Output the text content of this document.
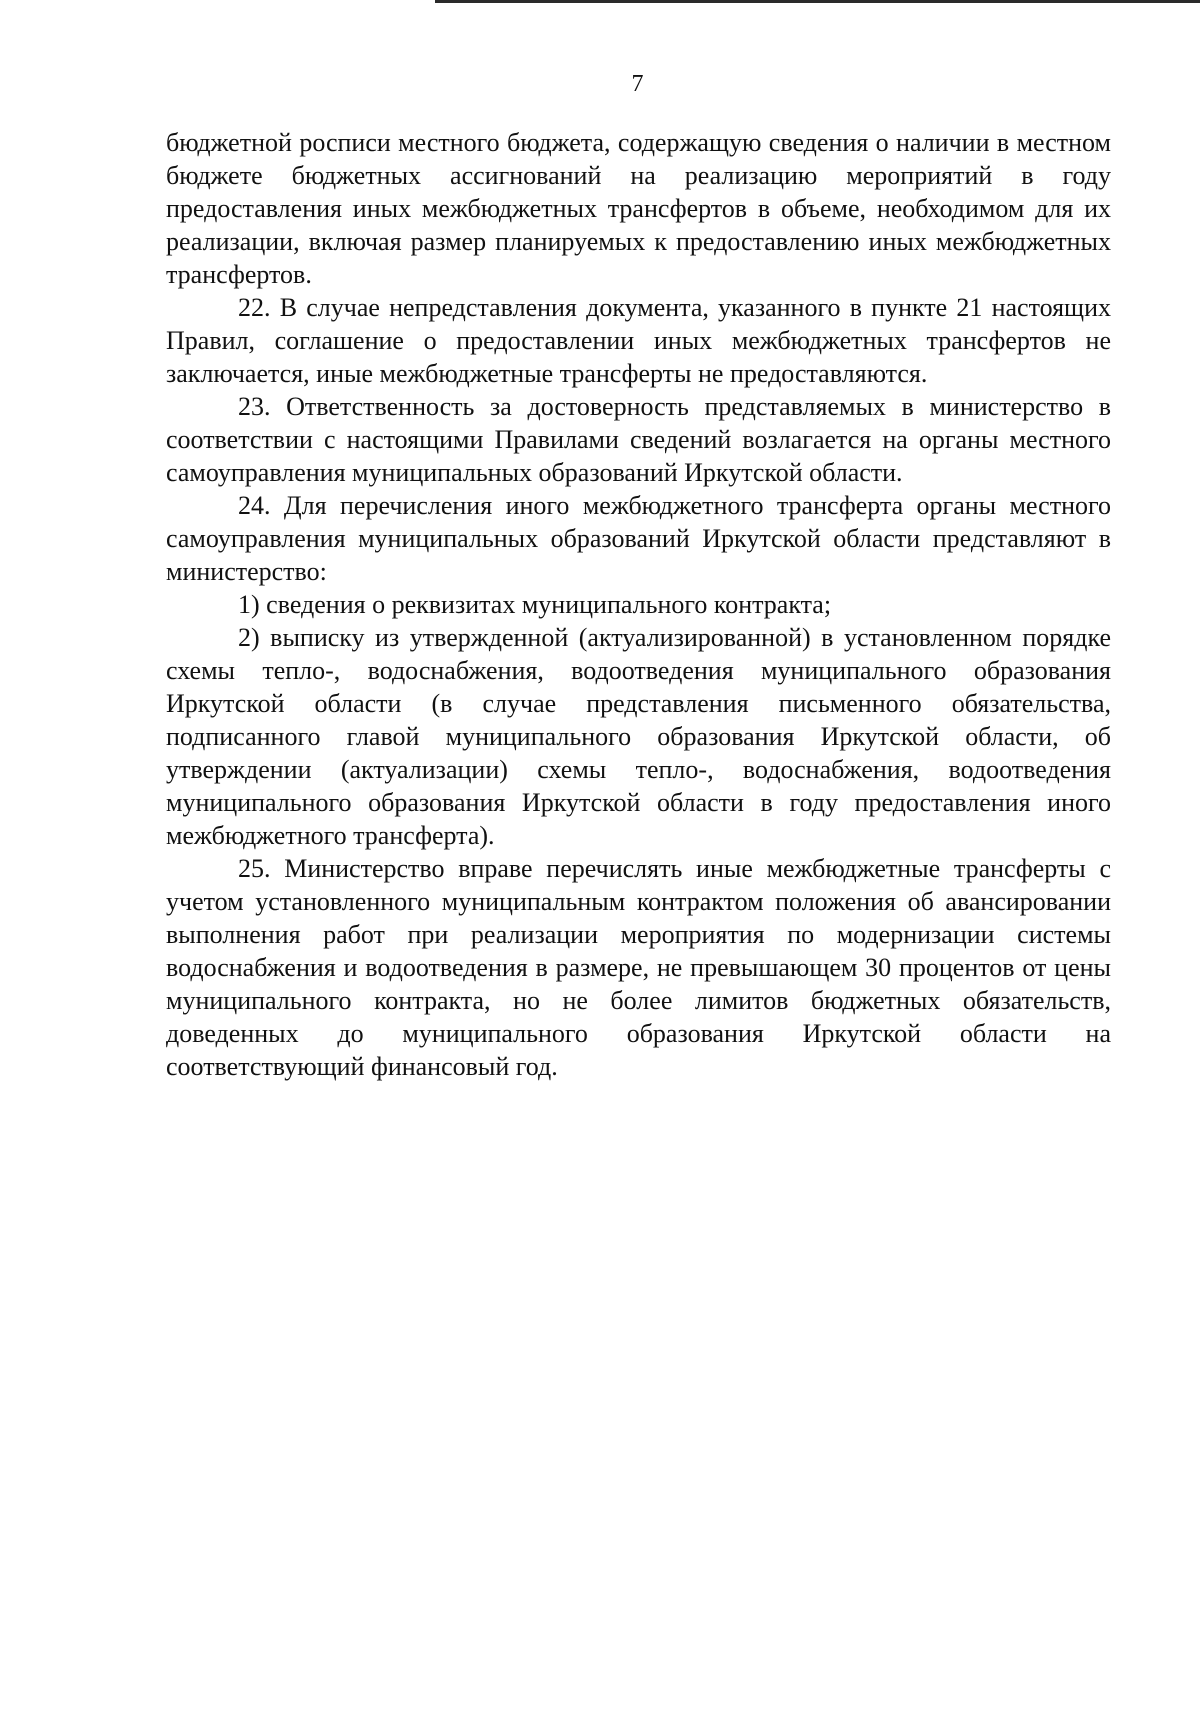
7

бюджетной росписи местного бюджета, содержащую сведения о наличии в местном бюджете бюджетных ассигнований на реализацию мероприятий в году предоставления иных межбюджетных трансфертов в объеме, необходимом для их реализации, включая размер планируемых к предоставлению иных межбюджетных трансфертов.

22. В случае непредставления документа, указанного в пункте 21 настоящих Правил, соглашение о предоставлении иных межбюджетных трансфертов не заключается, иные межбюджетные трансферты не предоставляются.

23. Ответственность за достоверность представляемых в министерство в соответствии с настоящими Правилами сведений возлагается на органы местного самоуправления муниципальных образований Иркутской области.

24. Для перечисления иного межбюджетного трансферта органы местного самоуправления муниципальных образований Иркутской области представляют в министерство:

1) сведения о реквизитах муниципального контракта;

2) выписку из утвержденной (актуализированной) в установленном порядке схемы тепло-, водоснабжения, водоотведения муниципального образования Иркутской области (в случае представления письменного обязательства, подписанного главой муниципального образования Иркутской области, об утверждении (актуализации) схемы тепло-, водоснабжения, водоотведения муниципального образования Иркутской области в году предоставления иного межбюджетного трансферта).

25. Министерство вправе перечислять иные межбюджетные трансферты с учетом установленного муниципальным контрактом положения об авансировании выполнения работ при реализации мероприятия по модернизации системы водоснабжения и водоотведения в размере, не превышающем 30 процентов от цены муниципального контракта, но не более лимитов бюджетных обязательств, доведенных до муниципального образования Иркутской области на соответствующий финансовый год.
